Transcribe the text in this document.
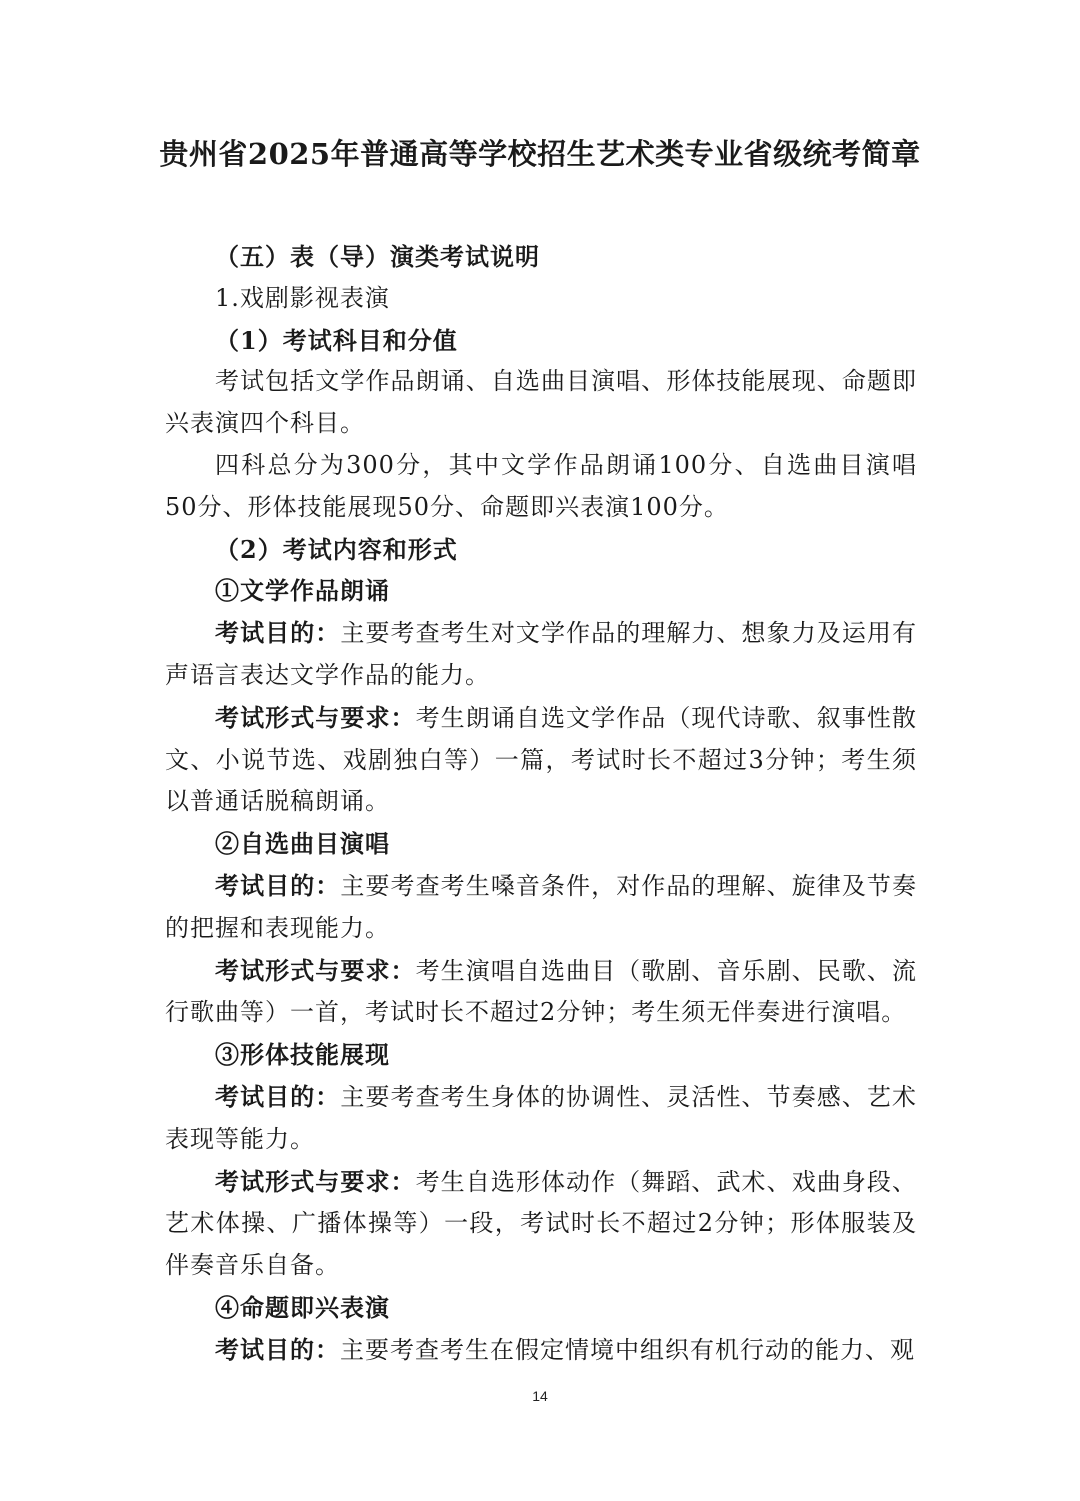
贵州省2025年普通高等学校招生艺术类专业省级统考简章

（五）表（导）演类考试说明

1.戏剧影视表演

（1）考试科目和分值

考试包括文学作品朗诵、自选曲目演唱、形体技能展现、命题即兴表演四个科目。

四科总分为300分，其中文学作品朗诵100分、自选曲目演唱50分、形体技能展现50分、命题即兴表演100分。

（2）考试内容和形式

①文学作品朗诵

考试目的：主要考查考生对文学作品的理解力、想象力及运用有声语言表达文学作品的能力。

考试形式与要求：考生朗诵自选文学作品（现代诗歌、叙事性散文、小说节选、戏剧独白等）一篇，考试时长不超过3分钟；考生须以普通话脱稿朗诵。

②自选曲目演唱

考试目的：主要考查考生嗓音条件，对作品的理解、旋律及节奏的把握和表现能力。

考试形式与要求：考生演唱自选曲目（歌剧、音乐剧、民歌、流行歌曲等）一首，考试时长不超过2分钟；考生须无伴奏进行演唱。

③形体技能展现

考试目的：主要考查考生身体的协调性、灵活性、节奏感、艺术表现等能力。

考试形式与要求：考生自选形体动作（舞蹈、武术、戏曲身段、艺术体操、广播体操等）一段，考试时长不超过2分钟；形体服装及伴奏音乐自备。

④命题即兴表演

考试目的：主要考查考生在假定情境中组织有机行动的能力、观

14
